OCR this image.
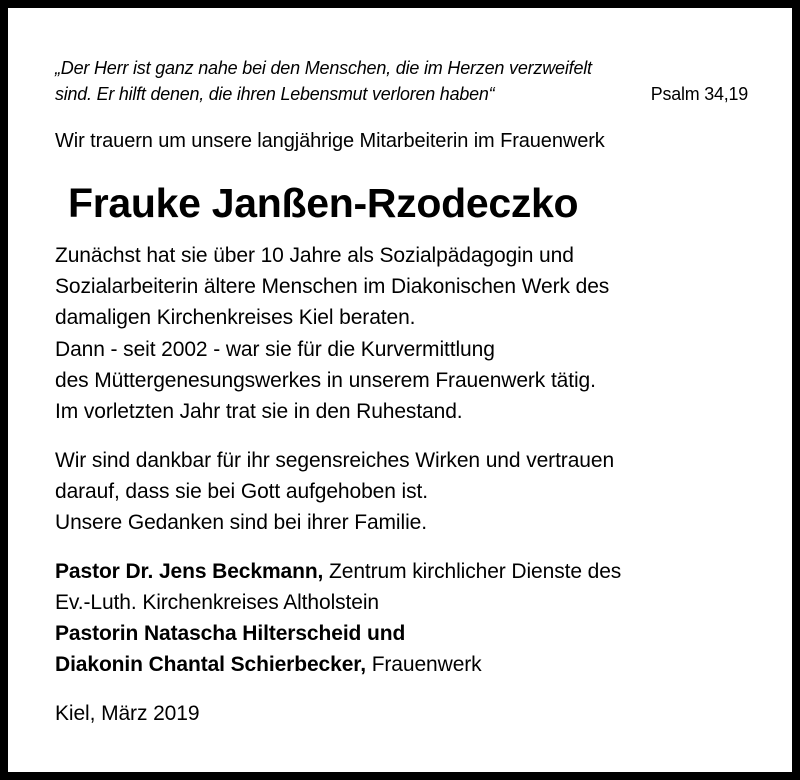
„Der Herr ist ganz nahe bei den Menschen, die im Herzen verzweifelt
sind. Er hilft denen, die ihren Lebensmut verloren haben“	Psalm 34,19
Wir trauern um unsere langjährige Mitarbeiterin im Frauenwerk
Frauke Janßen-Rzodeczko
Zunächst hat sie über 10 Jahre als Sozialpädagogin und
Sozialarbeiterin ältere Menschen im Diakonischen Werk des
damaligen Kirchenkreises Kiel beraten.
Dann - seit 2002 - war sie für die Kurvermittlung
des Müttergenesungswerkes in unserem Frauenwerk tätig.
Im vorletzten Jahr trat sie in den Ruhestand.
Wir sind dankbar für ihr segensreiches Wirken und vertrauen
darauf, dass sie bei Gott aufgehoben ist.
Unsere Gedanken sind bei ihrer Familie.
Pastor Dr. Jens Beckmann, Zentrum kirchlicher Dienste des
Ev.-Luth. Kirchenkreises Altholstein
Pastorin Natascha Hilterscheid und
Diakonin Chantal Schierbecker, Frauenwerk
Kiel, März 2019
